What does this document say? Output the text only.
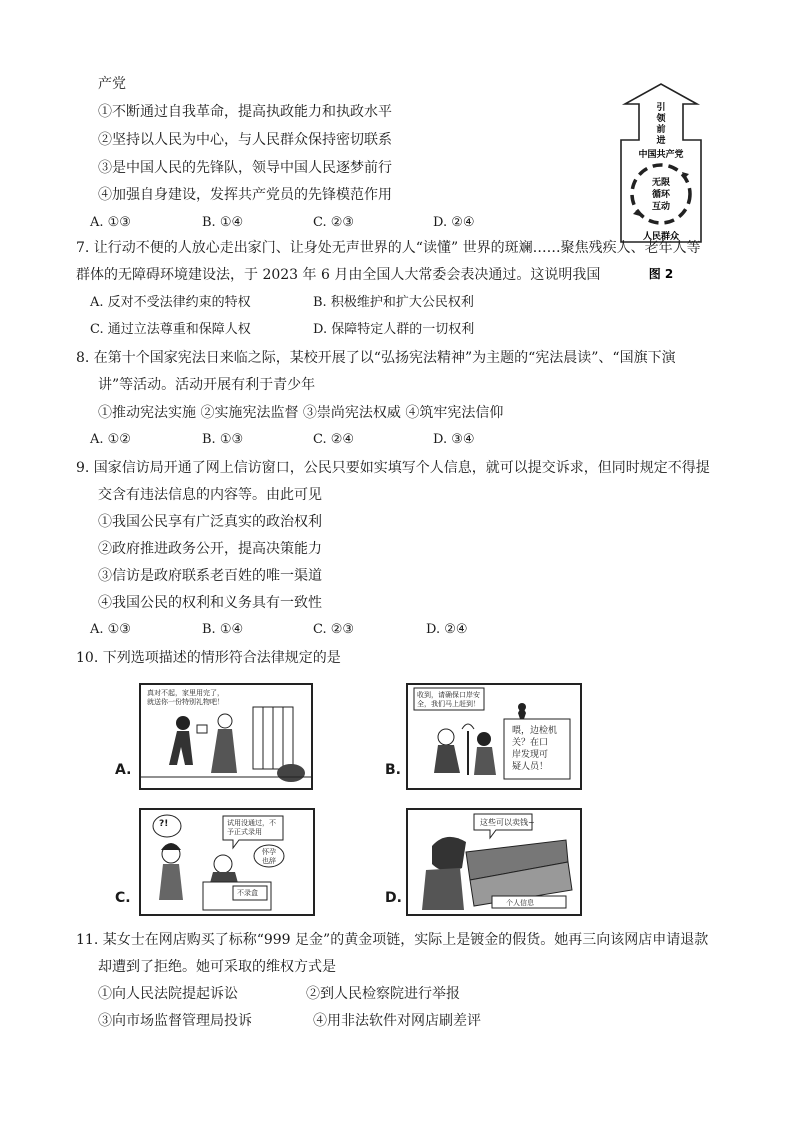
产党
①不断通过自我革命，提高执政能力和执政水平
②坚持以人民为中心，与人民群众保持密切联系
③是中国人民的先锋队，领导中国人民逐梦前行
④加强自身建设，发挥共产党员的先锋模范作用
A. ①③	B. ①④	C. ②③	D. ②④
引
领
前
进
中国共产党
无限
循环
互动
人民群众
图 2
7. 让行动不便的人放心走出家门、让身处无声世界的人“读懂” 世界的斑斓……聚焦残疾人、老年人等
群体的无障碍环境建设法，于 2023 年 6 月由全国人大常委会表决通过。这说明我国
A. 反对不受法律约束的特权	B. 积极维护和扩大公民权利
C. 通过立法尊重和保障人权	D. 保障特定人群的一切权利
8. 在第十个国家宪法日来临之际，某校开展了以“弘扬宪法精神”为主题的“宪法晨读”、“国旗下演
讲”等活动。活动开展有利于青少年
①推动宪法实施 ②实施宪法监督 ③崇尚宪法权威 ④筑牢宪法信仰
A. ①②	B. ①③	C. ②④	D. ③④
9. 国家信访局开通了网上信访窗口，公民只要如实填写个人信息，就可以提交诉求，但同时规定不得提
交含有违法信息的内容等。由此可见
①我国公民享有广泛真实的政治权利
②政府推进政务公开，提高决策能力
③信访是政府联系老百姓的唯一渠道
④我国公民的权利和义务具有一致性
A. ①③	B. ①④	C. ②③	D. ②④
10. 下列选项描述的情形符合法律规定的是
A.	B.
C.	D.
真对不起，家里用完了，
就送你一份特别礼物吧！
收到，请确保口岸安
全，我们马上赶到！
喂，边检机
关？在口
岸发现可
疑人员！
?!	试用没通过，不
予正式录用
怀孕
也辞
不录盒
这些可以卖钱~
个人信息
11. 某女士在网店购买了标称“999 足金”的黄金项链，实际上是镀金的假货。她再三向该网店申请退款
却遭到了拒绝。她可采取的维权方式是
①向人民法院提起诉讼	②到人民检察院进行举报
③向市场监督管理局投诉	④用非法软件对网店刷差评
